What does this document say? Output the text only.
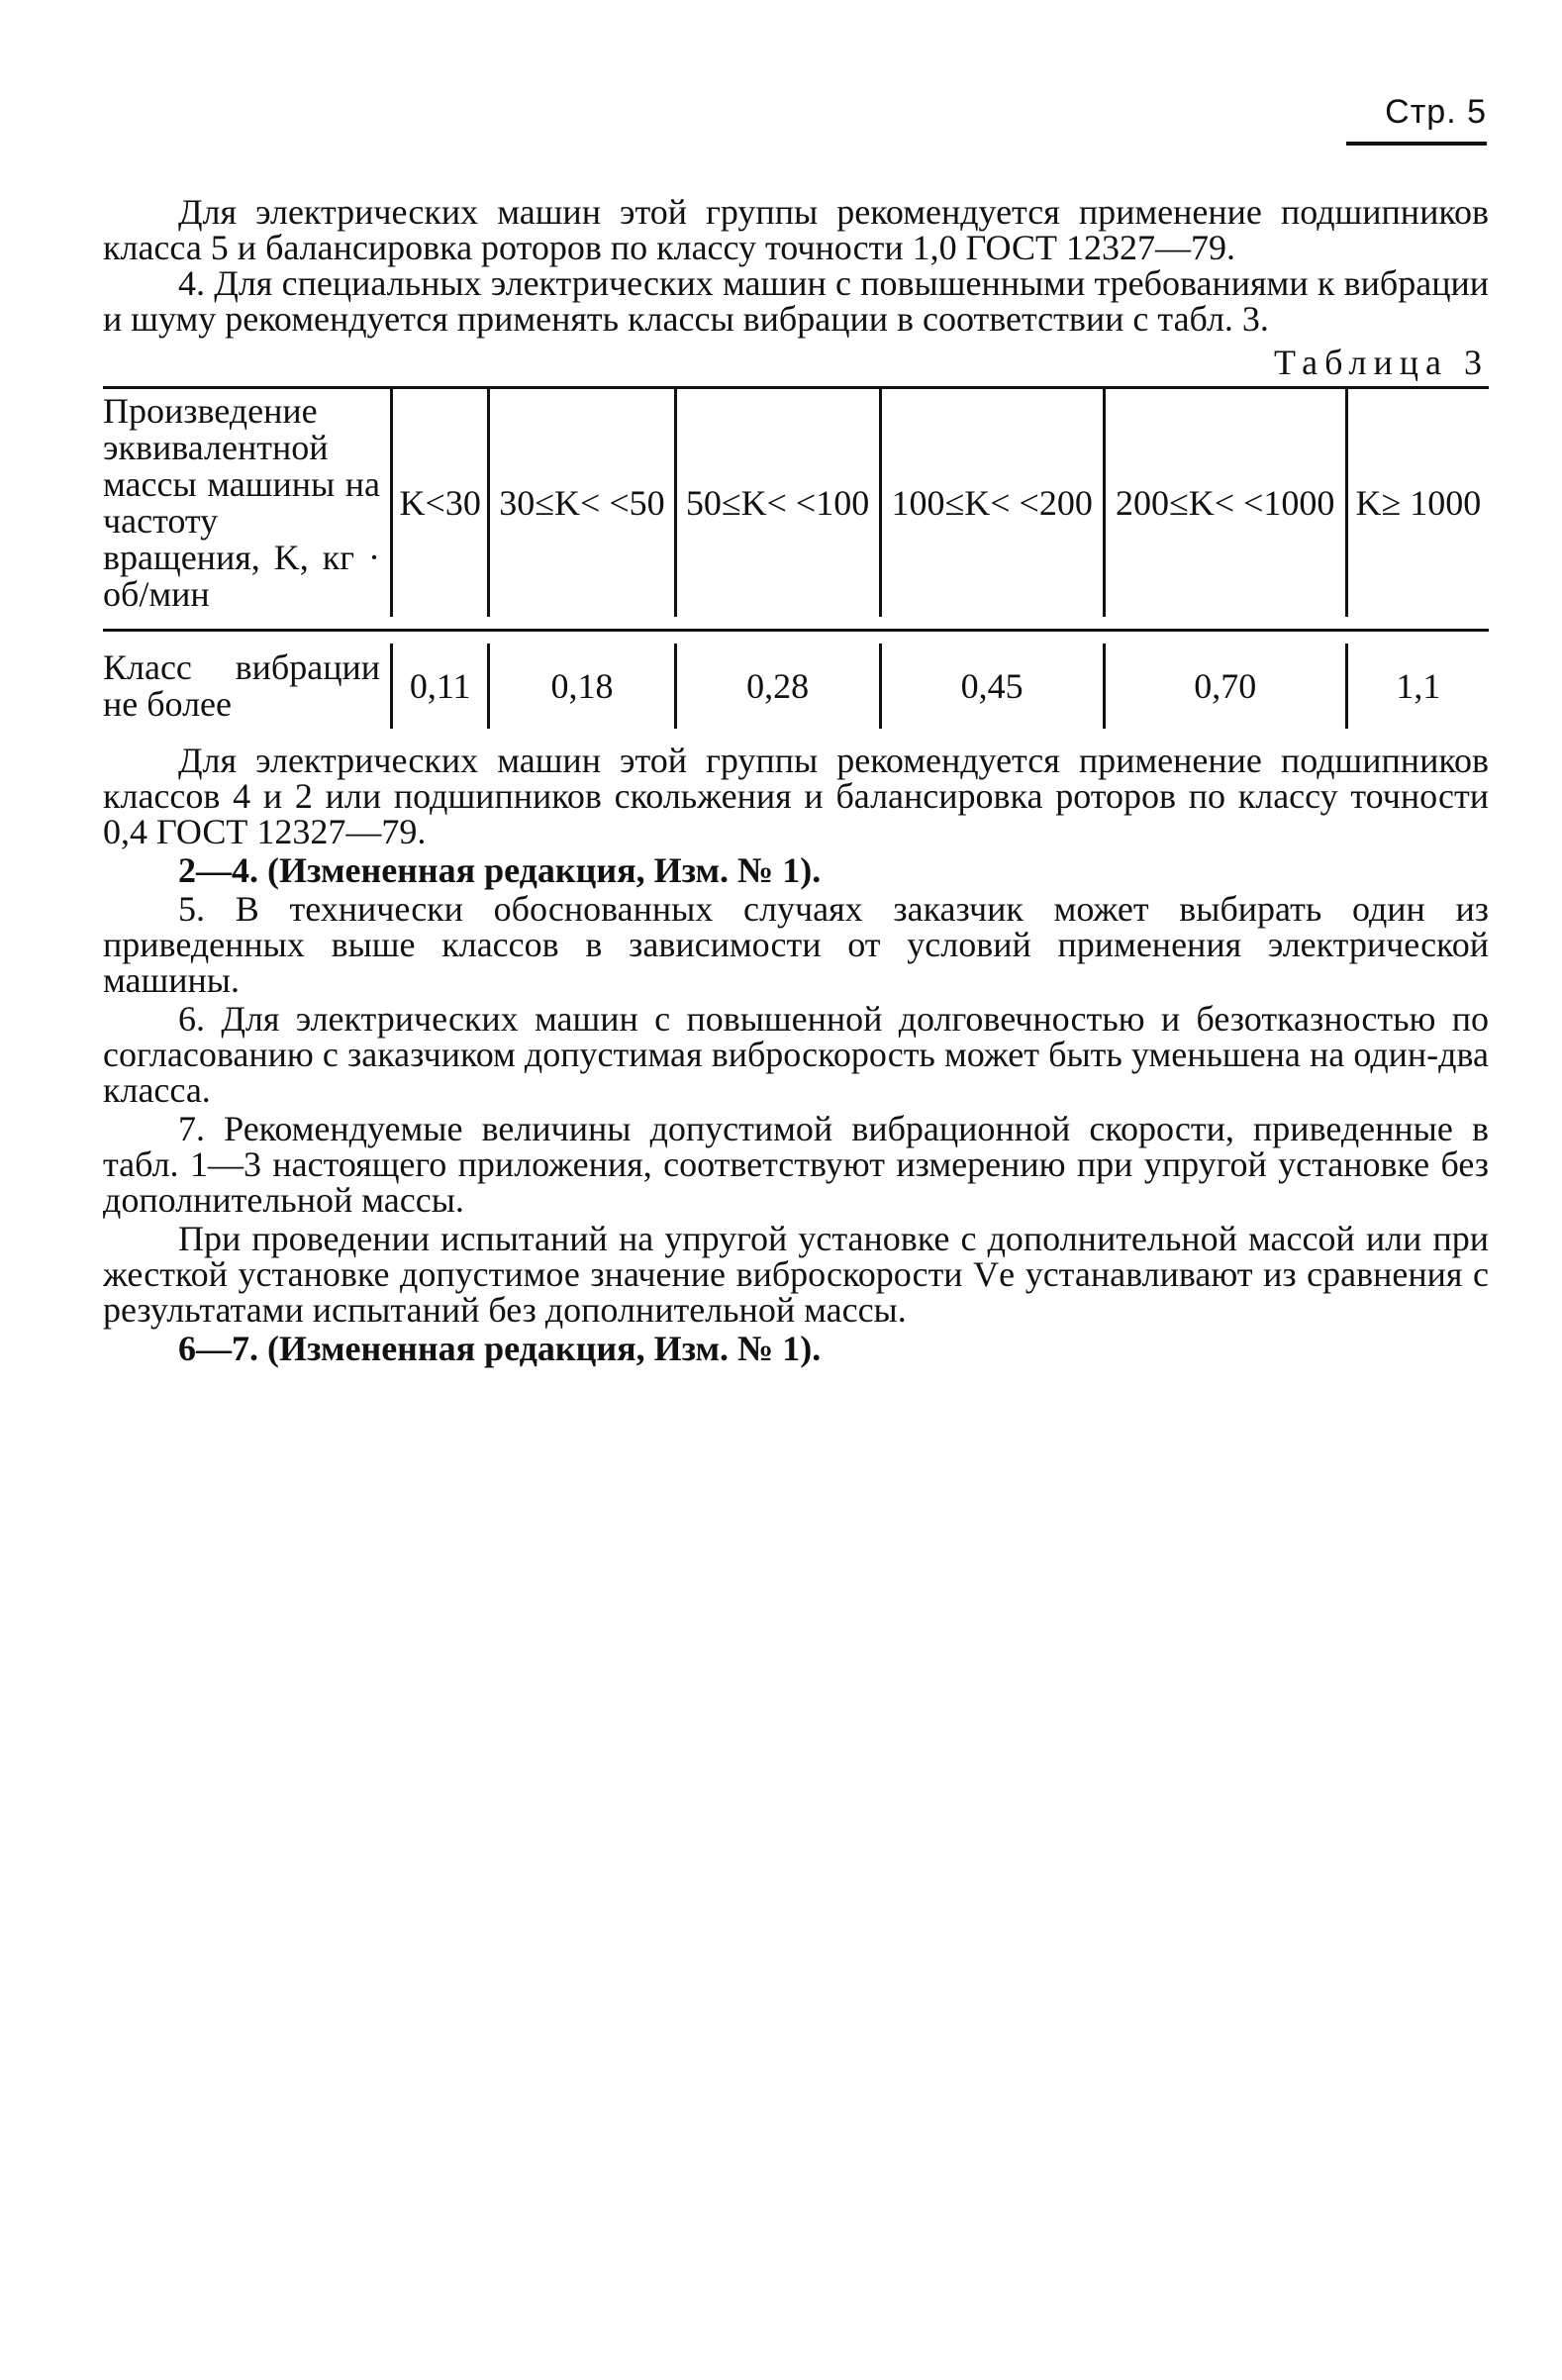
Стр. 5

Для электрических машин этой группы рекомендуется применение подшипников класса 5 и балансировка роторов по классу точности 1,0 ГОСТ 12327—79.

4. Для специальных электрических машин с повышенными требованиями к вибрации и шуму рекомендуется применять классы вибрации в соответствии с табл. 3.

Таблица 3
Произведение эквивалентной массы машины на частоту вращения, K, кг · об/мин	K<30	30≤K< <50	50≤K< <100	100≤K< <200	200≤K< <1000	K≥ 1000

Класс вибрации не более	0,11	0,18	0,28	0,45	0,70	1,1

Для электрических машин этой группы рекомендуется применение подшипников классов 4 и 2 или подшипников скольжения и балансировка роторов по классу точности 0,4 ГОСТ 12327—79.

2—4. (Измененная редакция, Изм. № 1).

5. В технически обоснованных случаях заказчик может выбирать один из приведенных выше классов в зависимости от условий применения электрической машины.

6. Для электрических машин с повышенной долговечностью и безотказностью по согласованию с заказчиком допустимая виброскорость может быть уменьшена на один-два класса.

7. Рекомендуемые величины допустимой вибрационной скорости, приведенные в табл. 1—3 настоящего приложения, соответствуют измерению при упругой установке без дополнительной массы.

При проведении испытаний на упругой установке с дополнительной массой или при жесткой установке допустимое значение виброскорости Vе устанавливают из сравнения с результатами испытаний без дополнительной массы.

6—7. (Измененная редакция, Изм. № 1).
